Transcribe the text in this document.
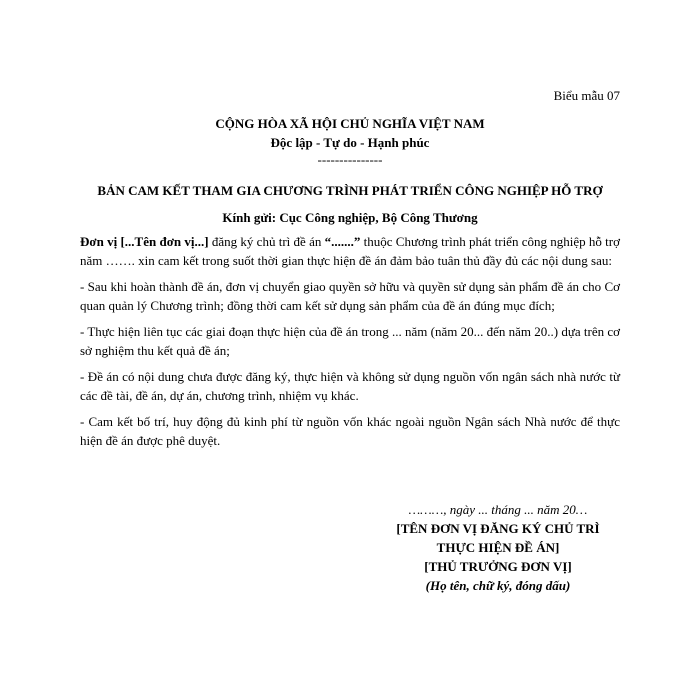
Biểu mẫu 07
CỘNG HÒA XÃ HỘI CHỦ NGHĨA VIỆT NAM
Độc lập - Tự do - Hạnh phúc
---------------
BẢN CAM KẾT THAM GIA CHƯƠNG TRÌNH PHÁT TRIỂN CÔNG NGHIỆP HỖ TRỢ
Kính gửi: Cục Công nghiệp, Bộ Công Thương
Đơn vị [...Tên đơn vị...] đăng ký chủ trì đề án “.......” thuộc Chương trình phát triển công nghiệp hỗ trợ năm ……. xin cam kết trong suốt thời gian thực hiện đề án đảm bảo tuân thủ đầy đủ các nội dung sau:
- Sau khi hoàn thành đề án, đơn vị chuyển giao quyền sở hữu và quyền sử dụng sản phẩm đề án cho Cơ quan quản lý Chương trình; đồng thời cam kết sử dụng sản phẩm của đề án đúng mục đích;
- Thực hiện liên tục các giai đoạn thực hiện của đề án trong ... năm (năm 20... đến năm 20..) dựa trên cơ sở nghiệm thu kết quả đề án;
- Đề án có nội dung chưa được đăng ký, thực hiện và không sử dụng nguồn vốn ngân sách nhà nước từ các đề tài, đề án, dự án, chương trình, nhiệm vụ khác.
- Cam kết bố trí, huy động đủ kinh phí từ nguồn vốn khác ngoài nguồn Ngân sách Nhà nước để thực hiện đề án được phê duyệt.
………, ngày ... tháng ... năm 20…
[TÊN ĐƠN VỊ ĐĂNG KÝ CHỦ TRÌ
THỰC HIỆN ĐỀ ÁN]
[THỦ TRƯỞNG ĐƠN VỊ]
(Họ tên, chữ ký, đóng dấu)
